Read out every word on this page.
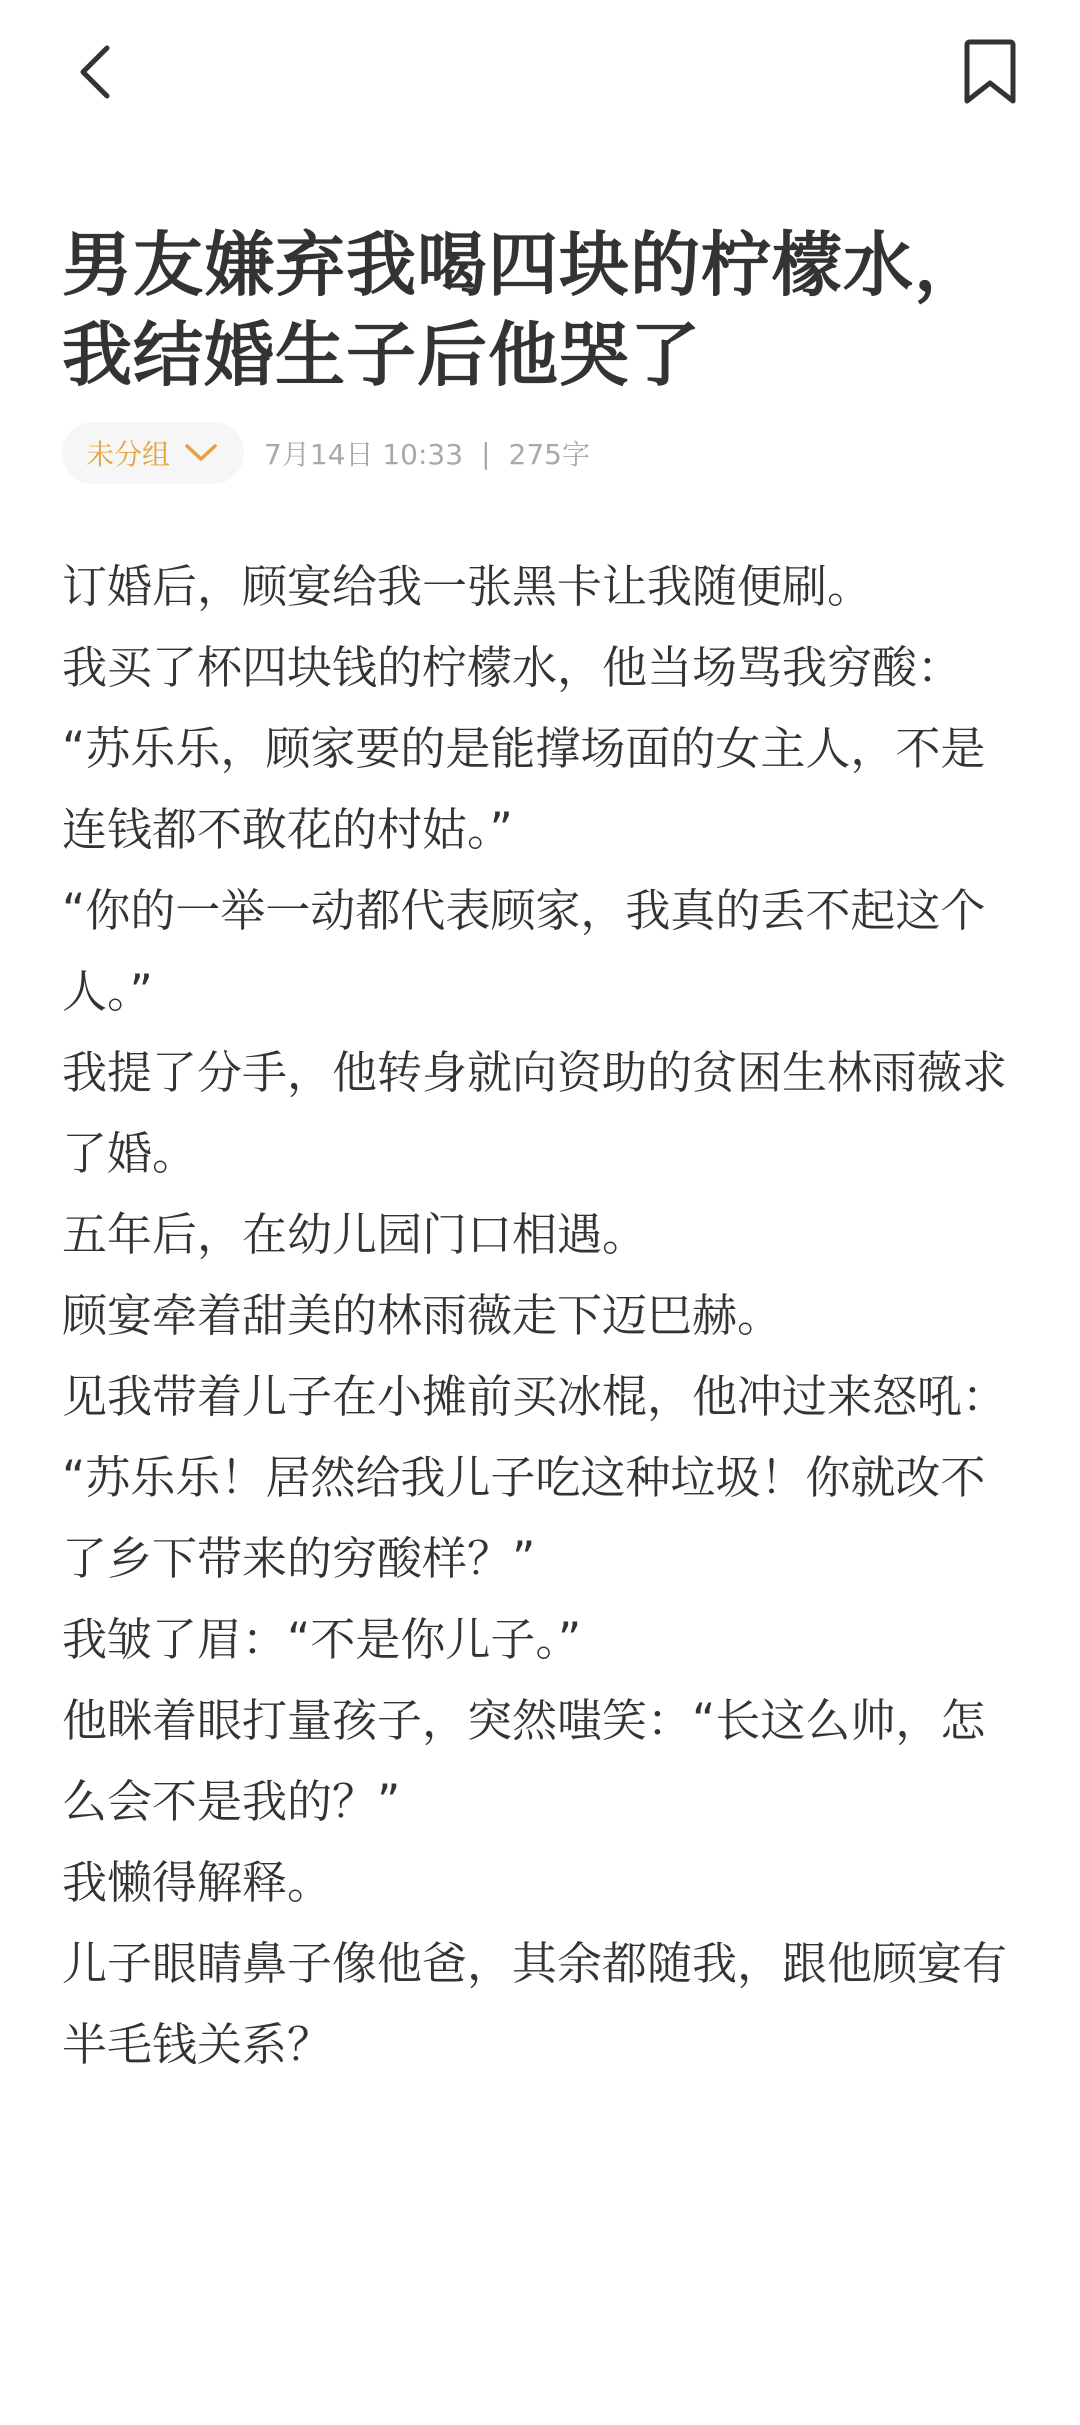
男友嫌弃我喝四块的柠檬水，
我结婚生子后他哭了
未分组	7月14日 10:33 | 275字

订婚后，顾宴给我一张黑卡让我随便刷。

我买了杯四块钱的柠檬水，他当场骂我穷酸：

“苏乐乐，顾家要的是能撑场面的女主人，不是连钱都不敢花的村姑。”

“你的一举一动都代表顾家，我真的丢不起这个人。”

我提了分手，他转身就向资助的贫困生林雨薇求了婚。

五年后，在幼儿园门口相遇。

顾宴牵着甜美的林雨薇走下迈巴赫。

见我带着儿子在小摊前买冰棍，他冲过来怒吼：

“苏乐乐！居然给我儿子吃这种垃圾！你就改不了乡下带来的穷酸样？”

我皱了眉：“不是你儿子。”

他眯着眼打量孩子，突然嗤笑：“长这么帅，怎么会不是我的？”

我懒得解释。

儿子眼睛鼻子像他爸，其余都随我，跟他顾宴有半毛钱关系？
